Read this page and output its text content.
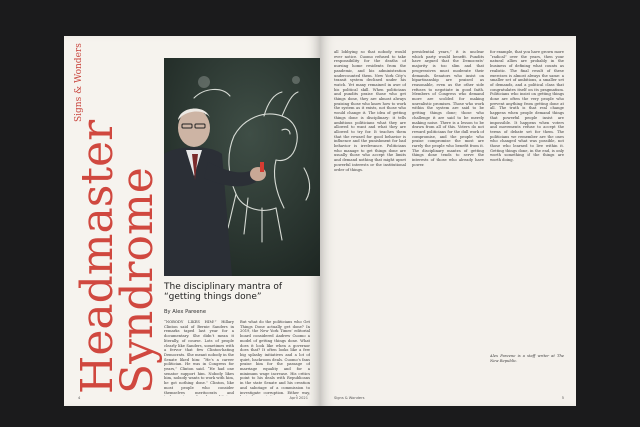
Signs & Wonders
Headmaster
Syndrome The disciplinary mantra of “getting things done”
By Alex Pareene

“NOBODY LIKES HIM!” Hillary Clinton said of Bernie Sanders in remarks taped last year for a documentary. She didn’t mean it literally, of course. Lots of people clearly like Sanders, sometimes with a fervor that few Clinton-hating Democrats. She meant nobody in the Senate liked him: “He’s a career politician. He was in Congress for years,” Clinton said. “He had one senator support him. Nobody likes him, nobody wants to work with him, he got nothing done.” Clinton, like most people who consider themselves meritocrats and

But what do the politicians who Get Things Done actually get done? In 2019, the New York Times’ editorial board considered Andrew Cuomo a model of getting things done. What does it look like when a governor does that? It often looks like a few big splashy initiatives and a lot of quiet, backroom deals. Cuomo’s fans praise him for the passage of marriage equality and for a minimum wage increase. His critics point to his deals with Republicans in the state Senate and his creation and sabotage of a commission to investigate corruption. Either way,

4	April 2021

all lobbying so that nobody would ever notice. Cuomo refused to take responsibility for the deaths of nursing home residents from the pandemic, and his administration undercounted them. New York City’s transit system declined under his watch. Yet many remained in awe of his political skill. When politicians and pundits praise those who get things done, they are almost always praising those who know how to work the system as it exists, not those who would change it. The idea of getting things done is disciplinary: it tells ambitious politicians what they are allowed to want and what they are allowed to try for. It teaches them that the reward for good behavior is influence and the punishment for bad behavior is irrelevance. Politicians who manage to get things done are usually those who accept the limits and demand nothing that might upset powerful interests or the institutional order of things.

presidential years,” it is unclear which party would benefit. Pundits have argued that the Democrats’ majority is too slim and that progressives must moderate their demands. Senators who insist on bipartisanship are praised as reasonable, even as the other side refuses to negotiate in good faith. Members of Congress who demand more are scolded for making unrealistic promises. Those who work within the system are said to be getting things done; those who challenge it are said to be merely making noise. There is a lesson to be drawn from all of this. Voters do not reward politicians for the dull work of compromise, and the people who praise compromise the most are rarely the people who benefit from it. The disciplinary mantra of getting things done tends to serve the interests of those who already have power.

for example, that you have grown more “radical” over the years, then your natural allies are probably in the business of defining what counts as realistic. The final result of these exercises is almost always the same: a smaller set of ambitions, a smaller set of demands, and a political class that congratulates itself on its pragmatism. Politicians who insist on getting things done are often the very people who prevent anything from getting done at all. The truth is that real change happens when people demand things that powerful people insist are impossible. It happens when voters and movements refuse to accept the terms of debate set for them. The politicians we remember are the ones who changed what was possible, not those who learned to live within it. Getting things done, in the end, is only worth something if the things are worth doing.

Alex Pareene is a staff writer at The New Republic.

Signs & Wonders	5
